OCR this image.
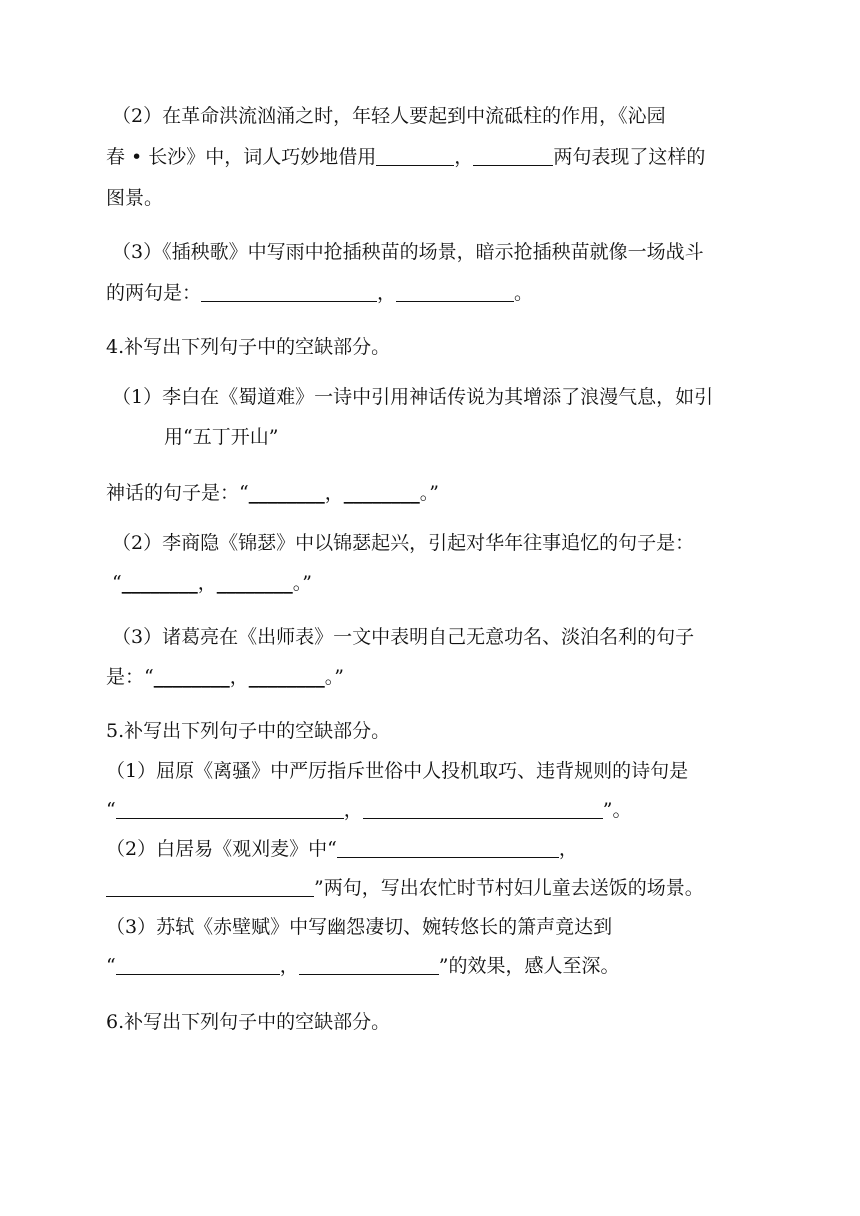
（2）在革命洪流汹涌之时，年轻人要起到中流砥柱的作用，《沁园
春 • 长沙》中，词人巧妙地借用	，	两句表现了这样的
图景。
（3）《插秧歌》中写雨中抢插秧苗的场景，暗示抢插秧苗就像一场战斗
的两句是：	，	。
4.补写出下列句子中的空缺部分。
（1）李白在《蜀道难》一诗中引用神话传说为其增添了浪漫气息，如引
用“五丁开山”
神话的句子是：“________，________。”
（2）李商隐《锦瑟》中以锦瑟起兴，引起对华年往事追忆的句子是：
“________，________。”
（3）诸葛亮在《出师表》一文中表明自己无意功名、淡泊名利的句子
是：“________，________。”
5.补写出下列句子中的空缺部分。
（1）屈原《离骚》中严厉指斥世俗中人投机取巧、违背规则的诗句是
“	，	”。
（2）白居易《观刈麦》中“	，
”两句，写出农忙时节村妇儿童去送饭的场景。
（3）苏轼《赤壁赋》中写幽怨凄切、婉转悠长的箫声竟达到
“	，	”的效果，感人至深。
6.补写出下列句子中的空缺部分。
